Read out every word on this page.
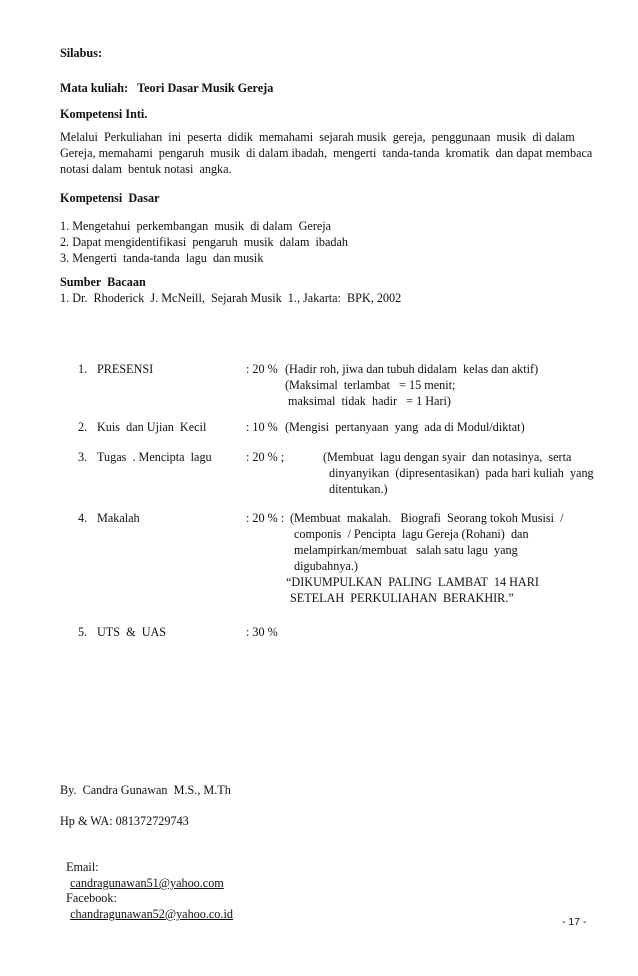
Silabus:
Mata kuliah: Teori Dasar Musik Gereja
Kompetensi Inti.
Melalui  Perkuliahan  ini  peserta  didik  memahami  sejarah musik  gereja,  penggunaan  musik  di dalam
Gereja, memahami  pengaruh  musik  di dalam ibadah,  mengerti  tanda-tanda  kromatik  dan dapat membaca
notasi dalam  bentuk notasi  angka.
Kompetensi  Dasar
1. Mengetahui  perkembangan  musik  di dalam  Gereja
2. Dapat mengidentifikasi  pengaruh  musik  dalam  ibadah
3. Mengerti  tanda-tanda  lagu  dan musik
Sumber  Bacaan
1. Dr.  Rhoderick  J. McNeill,  Sejarah Musik  1., Jakarta:  BPK, 2002
1. PRESENSI	: 20 % (Hadir roh, jiwa dan tubuh didalam  kelas dan aktif)
(Maksimal  terlambat   = 15 menit;
maksimal  tidak  hadir   = 1 Hari)
2. Kuis  dan Ujian  Kecil	: 10 % (Mengisi  pertanyaan  yang  ada di Modul/diktat)
3. Tugas  . Mencipta  lagu	: 20 % ;	(Membuat  lagu dengan syair  dan notasinya,  serta
dinyanyikan  (dipresentasikan)  pada hari kuliah  yang
ditentukan.)
4. Makalah	: 20 % : (Membuat  makalah.   Biografi  Seorang tokoh Musisi  /
componis  / Pencipta  lagu Gereja (Rohani)  dan
melampirkan/membuat   salah satu lagu  yang
digubahnya.)
“DIKUMPULKAN  PALING  LAMBAT  14 HARI
SETELAH  PERKULIAHAN  BERAKHIR.”
5. UTS  &  UAS	: 30 %
By.  Candra Gunawan  M.S., M.Th
Hp & WA: 081372729743

Email:
candragunawan51@yahoo.com

Facebook:
chandragunawan52@yahoo.co.id

- 17 -
